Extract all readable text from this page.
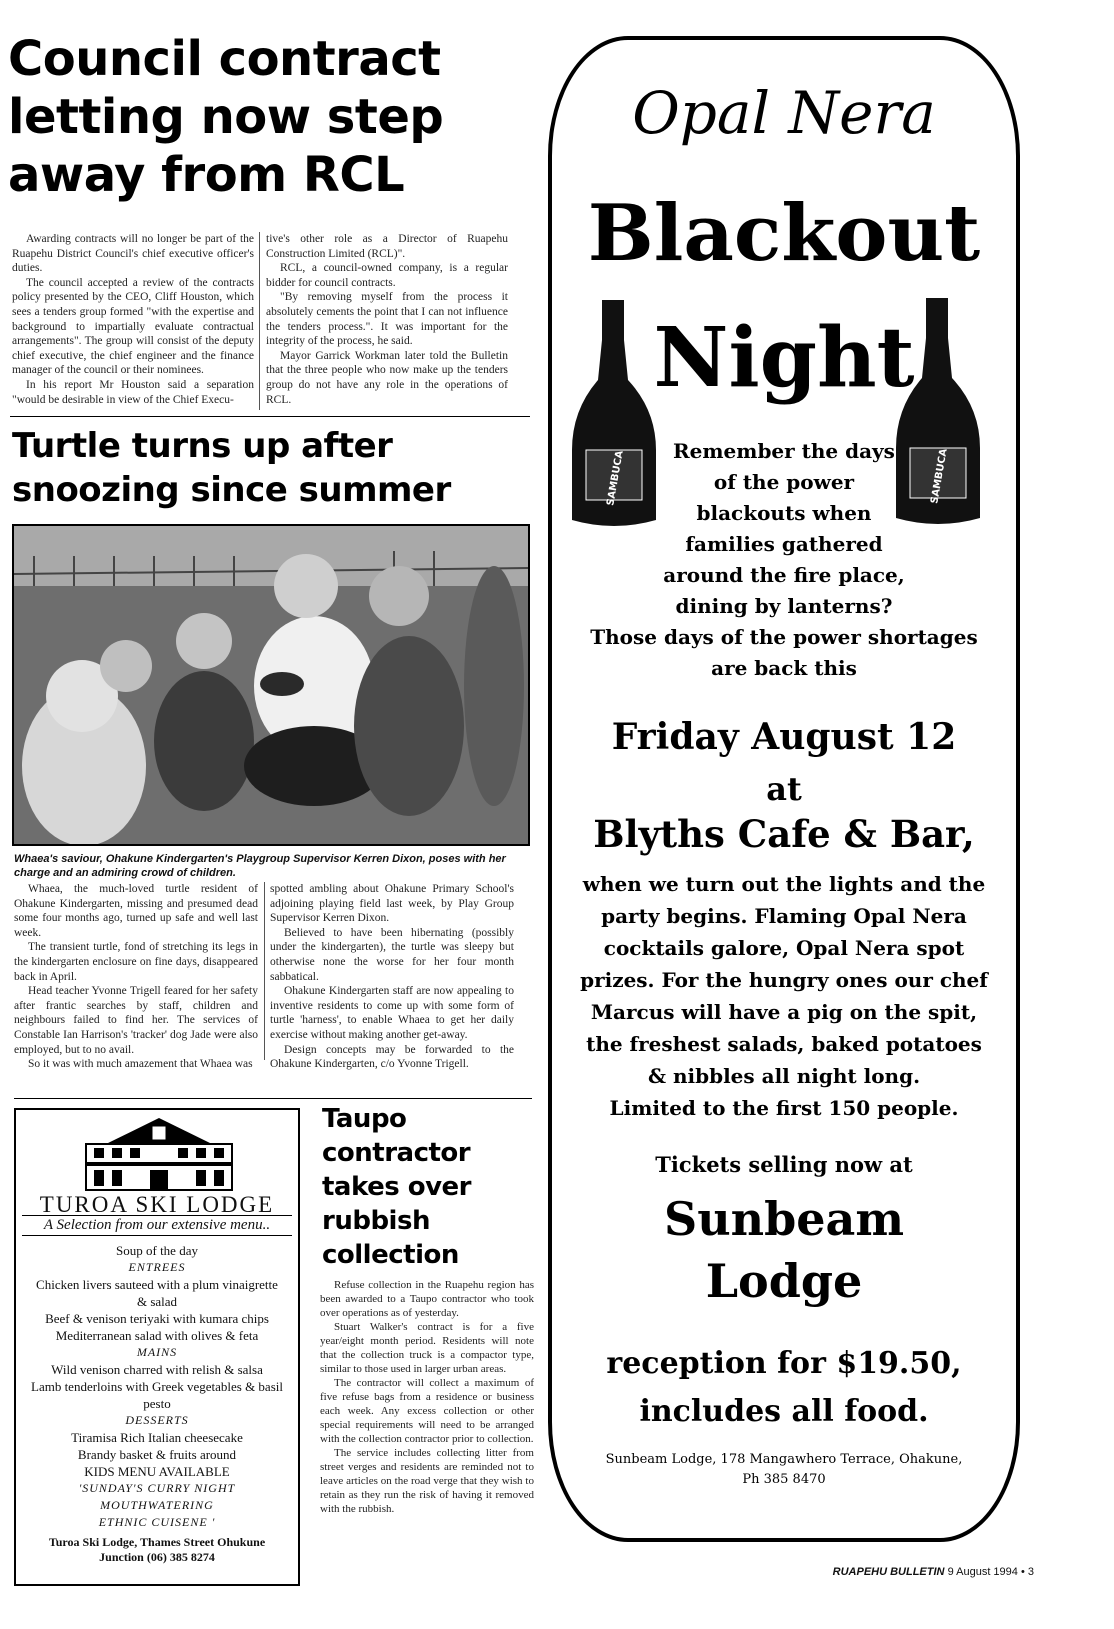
Council contract letting now step away from RCL

Awarding contracts will no longer be part of the Ruapehu District Council's chief executive officer's duties.

The council accepted a review of the contracts policy presented by the CEO, Cliff Houston, which sees a tenders group formed "with the expertise and background to impartially evaluate contractual arrangements". The group will consist of the deputy chief executive, the chief engineer and the finance manager of the council or their nominees.

In his report Mr Houston said a separation "would be desirable in view of the Chief Execu-

tive's other role as a Director of Ruapehu Construction Limited (RCL)".

RCL, a council-owned company, is a regular bidder for council contracts.

"By removing myself from the process it absolutely cements the point that I can not influence the tenders process.". It was important for the integrity of the process, he said.

Mayor Garrick Workman later told the Bulletin that the three people who now make up the tenders group do not have any role in the operations of RCL.

Turtle turns up after snoozing since summer
Whaea's saviour, Ohakune Kindergarten's Playgroup Supervisor Kerren Dixon, poses with her charge and an admiring crowd of children.

Whaea, the much-loved turtle resident of Ohakune Kindergarten, missing and presumed dead some four months ago, turned up safe and well last week.

The transient turtle, fond of stretching its legs in the kindergarten enclosure on fine days, disappeared back in April.

Head teacher Yvonne Trigell feared for her safety after frantic searches by staff, children and neighbours failed to find her. The services of Constable Ian Harrison's 'tracker' dog Jade were also employed, but to no avail.

So it was with much amazement that Whaea was

spotted ambling about Ohakune Primary School's adjoining playing field last week, by Play Group Supervisor Kerren Dixon.

Believed to have been hibernating (possibly under the kindergarten), the turtle was sleepy but otherwise none the worse for her four month sabbatical.

Ohakune Kindergarten staff are now appealing to inventive residents to come up with some form of turtle 'harness', to enable Whaea to get her daily exercise without making another get-away.

Design concepts may be forwarded to the Ohakune Kindergarten, c/o Yvonne Trigell.

Taupo contractor takes over rubbish collection

Refuse collection in the Ruapehu region has been awarded to a Taupo contractor who took over operations as of yesterday.

Stuart Walker's contract is for a five year/eight month period. Residents will note that the collection truck is a compactor type, similar to those used in larger urban areas.

The contractor will collect a maximum of five refuse bags from a residence or business each week. Any excess collection or other special requirements will need to be arranged with the collection contractor prior to collection.

The service includes collecting litter from street verges and residents are reminded not to leave articles on the road verge that they wish to retain as they run the risk of having it removed with the rubbish.

TUROA SKI LODGE
A Selection from our extensive menu..
Soup of the day
ENTREES
Chicken livers sauteed with a plum vinaigrette
& salad
Beef & venison teriyaki with kumara chips
Mediterranean salad with olives & feta
MAINS
Wild venison charred with relish & salsa
Lamb tenderloins with Greek vegetables & basil pesto
DESSERTS
Tiramisa Rich Italian cheesecake
Brandy basket & fruits around
KIDS MENU AVAILABLE
'SUNDAY'S CURRY NIGHT
MOUTHWATERING
ETHNIC CUISENE '
Turoa Ski Lodge, Thames Street Ohukune
Junction (06) 385 8274
Opal Nera
Blackout
Night
SAMBUCA	SAMBUCA
Remember the days
of the power
blackouts when
families gathered
around the fire place,
dining by lanterns?
Those days of the power shortages
are back this
Friday August 12
at
Blyths Cafe & Bar,
when we turn out the lights and the
party begins. Flaming Opal Nera
cocktails galore, Opal Nera spot
prizes. For the hungry ones our chef
Marcus will have a pig on the spit,
the freshest salads, baked potatoes
& nibbles all night long.
Limited to the first 150 people.
Tickets selling now at
Sunbeam
Lodge
reception for $19.50,
includes all food.
Sunbeam Lodge, 178 Mangawhero Terrace, Ohakune,
Ph 385 8470
RUAPEHU BULLETIN 9 August 1994 • 3
